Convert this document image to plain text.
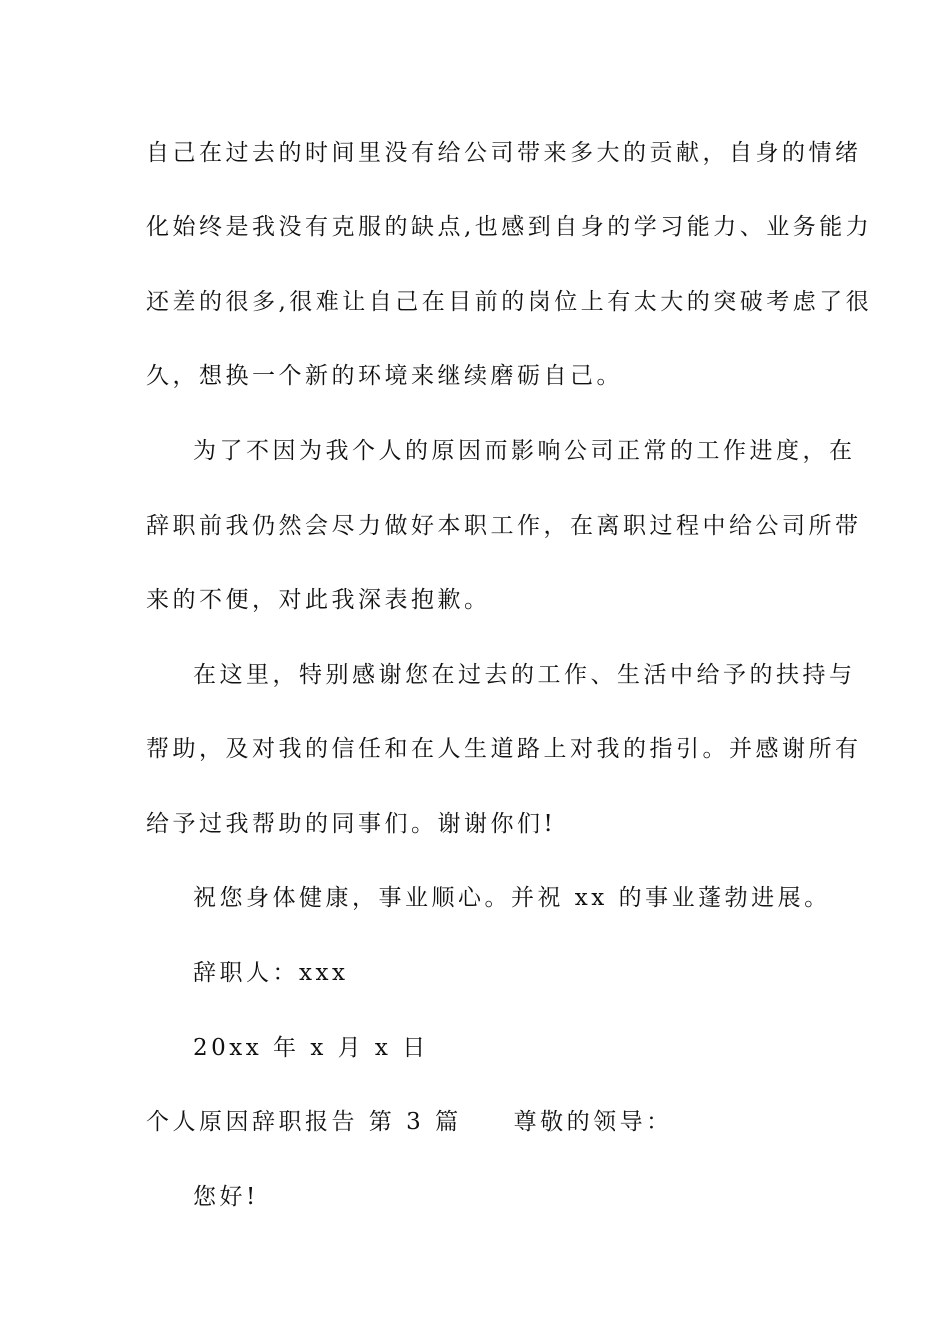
自己在过去的时间里没有给公司带来多大的贡献，自身的情绪
化始终是我没有克服的缺点,也感到自身的学习能力、业务能力
还差的很多,很难让自己在目前的岗位上有太大的突破考虑了很
久，想换一个新的环境来继续磨砺自己。
为了不因为我个人的原因而影响公司正常的工作进度，在
辞职前我仍然会尽力做好本职工作，在离职过程中给公司所带
来的不便，对此我深表抱歉。
在这里，特别感谢您在过去的工作、生活中给予的扶持与
帮助，及对我的信任和在人生道路上对我的指引。并感谢所有
给予过我帮助的同事们。谢谢你们!
祝您身体健康，事业顺心。并祝 xx 的事业蓬勃进展。
辞职人：xxx
20xx 年 x 月 x 日
个人原因辞职报告 第 3 篇 尊敬的领导：
您好!
